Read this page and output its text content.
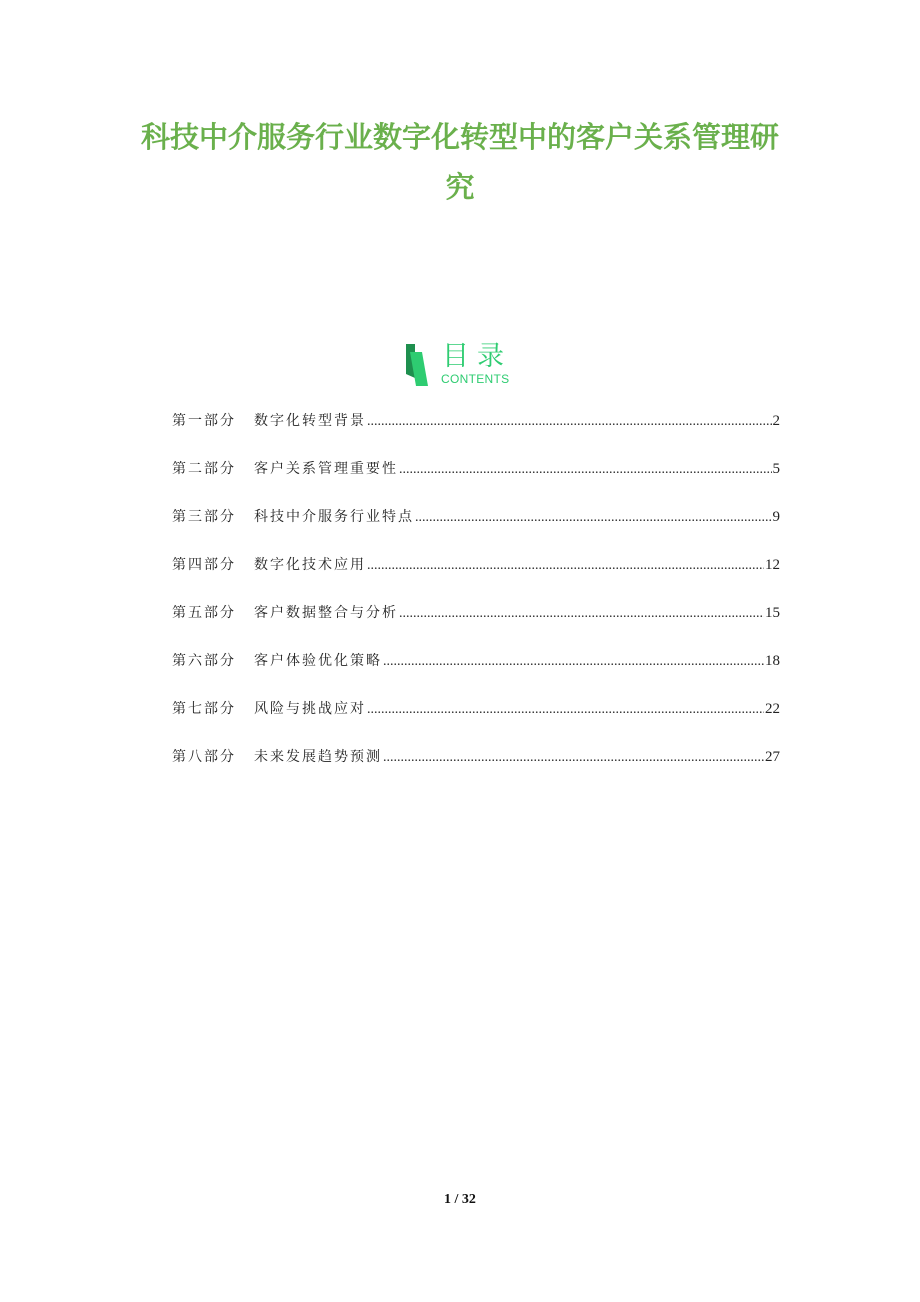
科技中介服务行业数字化转型中的客户关系管理研究
目录
CONTENTS
第一部分 数字化转型背景 .....	2
第二部分 客户关系管理重要性 .....	5
第三部分 科技中介服务行业特点 .....	9
第四部分 数字化技术应用 .....	12
第五部分 客户数据整合与分析 .....	15
第六部分 客户体验优化策略 .....	18
第七部分 风险与挑战应对 .....	22
第八部分 未来发展趋势预测 .....	27
1 / 32
